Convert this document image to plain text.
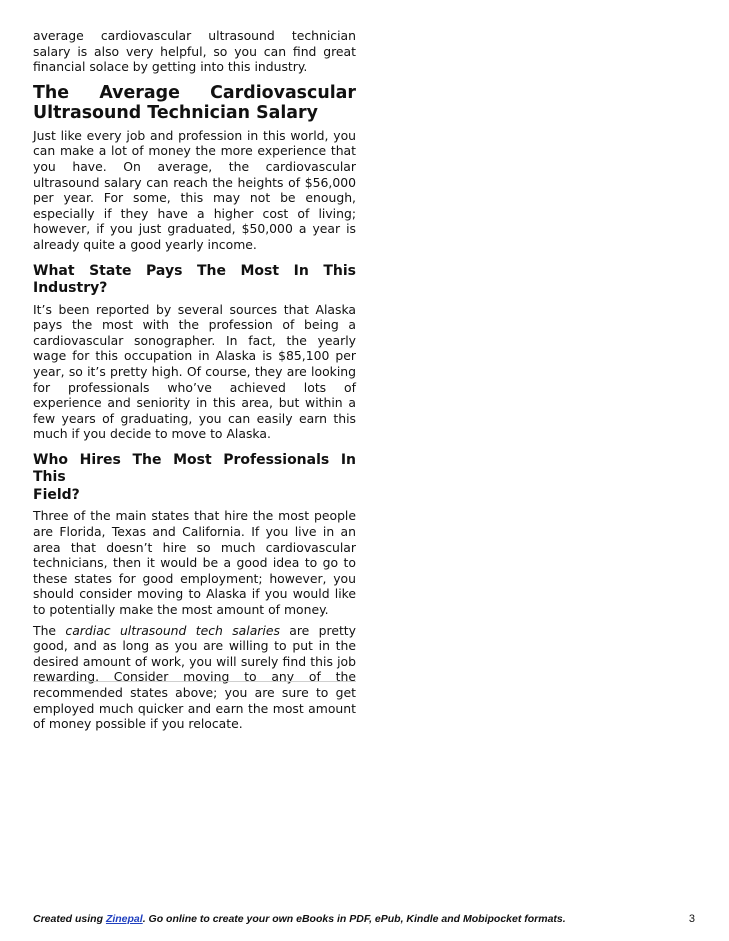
average cardiovascular ultrasound technician salary is also very helpful, so you can find great financial solace by getting into this industry.

The Average Cardiovascular
Ultrasound Technician Salary

Just like every job and profession in this world, you can make a lot of money the more experience that you have. On average, the cardiovascular ultrasound salary can reach the heights of $56,000 per year. For some, this may not be enough, especially if they have a higher cost of living; however, if you just graduated, $50,000 a year is already quite a good yearly income.

What State Pays The Most In This
Industry?

It’s been reported by several sources that Alaska pays the most with the profession of being a cardiovascular sonographer. In fact, the yearly wage for this occupation in Alaska is $85,100 per year, so it’s pretty high. Of course, they are looking for professionals who’ve achieved lots of experience and seniority in this area, but within a few years of graduating, you can easily earn this much if you decide to move to Alaska.

Who Hires The Most Professionals In This
Field?

Three of the main states that hire the most people are Florida, Texas and California. If you live in an area that doesn’t hire so much cardiovascular technicians, then it would be a good idea to go to these states for good employment; however, you should consider moving to Alaska if you would like to potentially make the most amount of money.

The cardiac ultrasound tech salaries are pretty good, and as long as you are willing to put in the desired amount of work, you will surely find this job rewarding. Consider moving to any of the recommended states above; you are sure to get employed much quicker and earn the most amount of money possible if you relocate.

Created using Zinepal. Go online to create your own eBooks in PDF, ePub, Kindle and Mobipocket formats.	3
